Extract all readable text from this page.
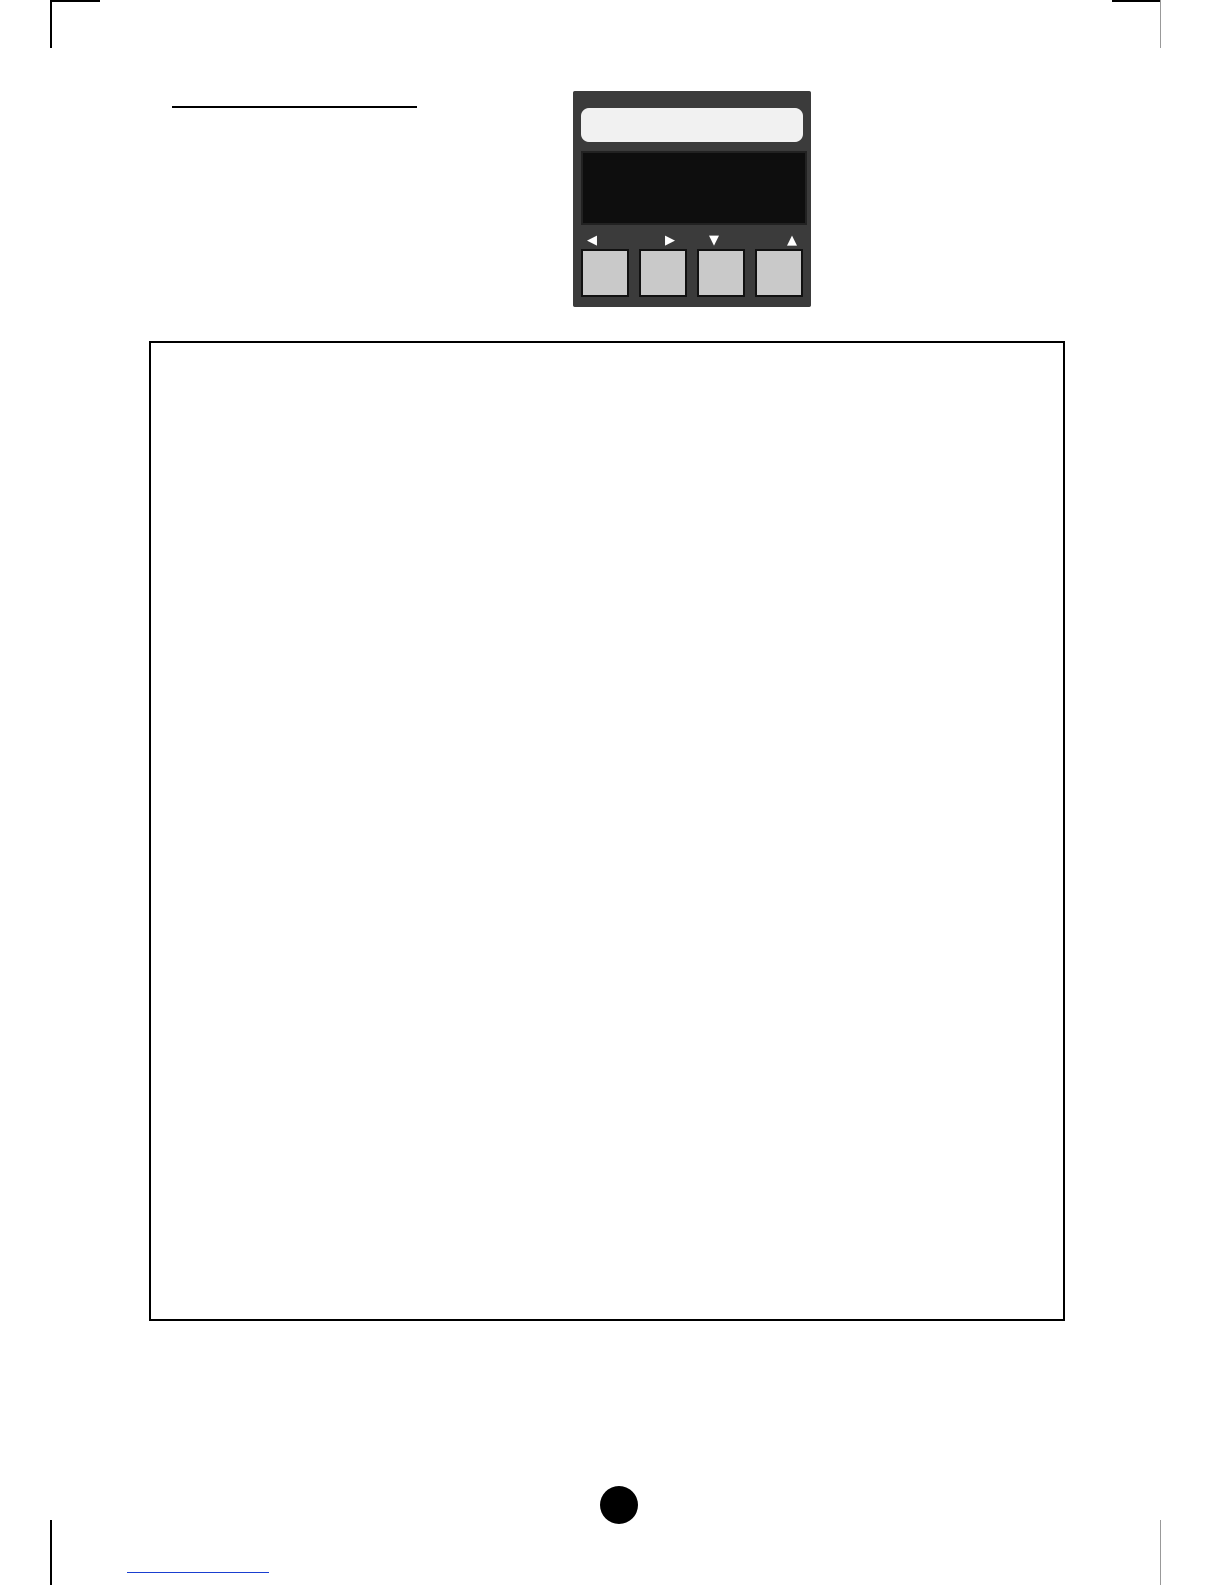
◀	▶	▼	▲
